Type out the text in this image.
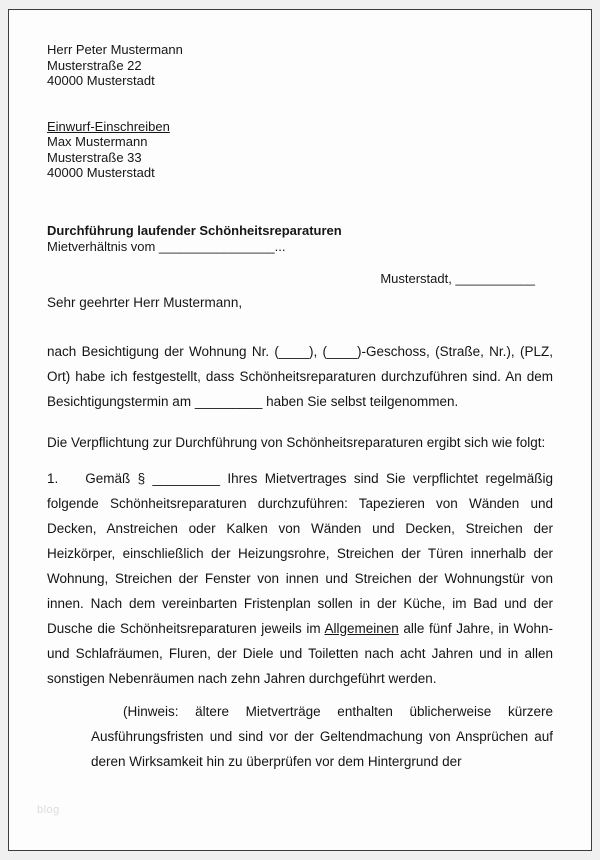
Herr Peter Mustermann
Musterstraße 22
40000 Musterstadt
Einwurf-Einschreiben
Max Mustermann
Musterstraße 33
40000 Musterstadt
Durchführung laufender Schönheitsreparaturen
Mietverhältnis vom ________________...
Musterstadt, ___________
Sehr geehrter Herr Mustermann,

nach Besichtigung der Wohnung Nr. (____), (____)-Geschoss, (Straße, Nr.), (PLZ, Ort) habe ich festgestellt, dass Schönheitsreparaturen durchzuführen sind. An dem Besichtigungstermin am _________ haben Sie selbst teilgenommen.

Die Verpflichtung zur Durchführung von Schönheitsreparaturen ergibt sich wie folgt:

1. Gemäß § _________ Ihres Mietvertrages sind Sie verpflichtet regelmäßig folgende Schönheitsreparaturen durchzuführen: Tapezieren von Wänden und Decken, Anstreichen oder Kalken von Wänden und Decken, Streichen der Heizkörper, einschließlich der Heizungsrohre, Streichen der Türen innerhalb der Wohnung, Streichen der Fenster von innen und Streichen der Wohnungstür von innen. Nach dem vereinbarten Fristenplan sollen in der Küche, im Bad und der Dusche die Schönheitsreparaturen jeweils im Allgemeinen alle fünf Jahre, in Wohn- und Schlafräumen, Fluren, der Diele und Toiletten nach acht Jahren und in allen sonstigen Nebenräumen nach zehn Jahren durchgeführt werden.

(Hinweis: ältere Mietverträge enthalten üblicherweise kürzere Ausführungsfristen und sind vor der Geltendmachung von Ansprüchen auf deren Wirksamkeit hin zu überprüfen vor dem Hintergrund der

blog
